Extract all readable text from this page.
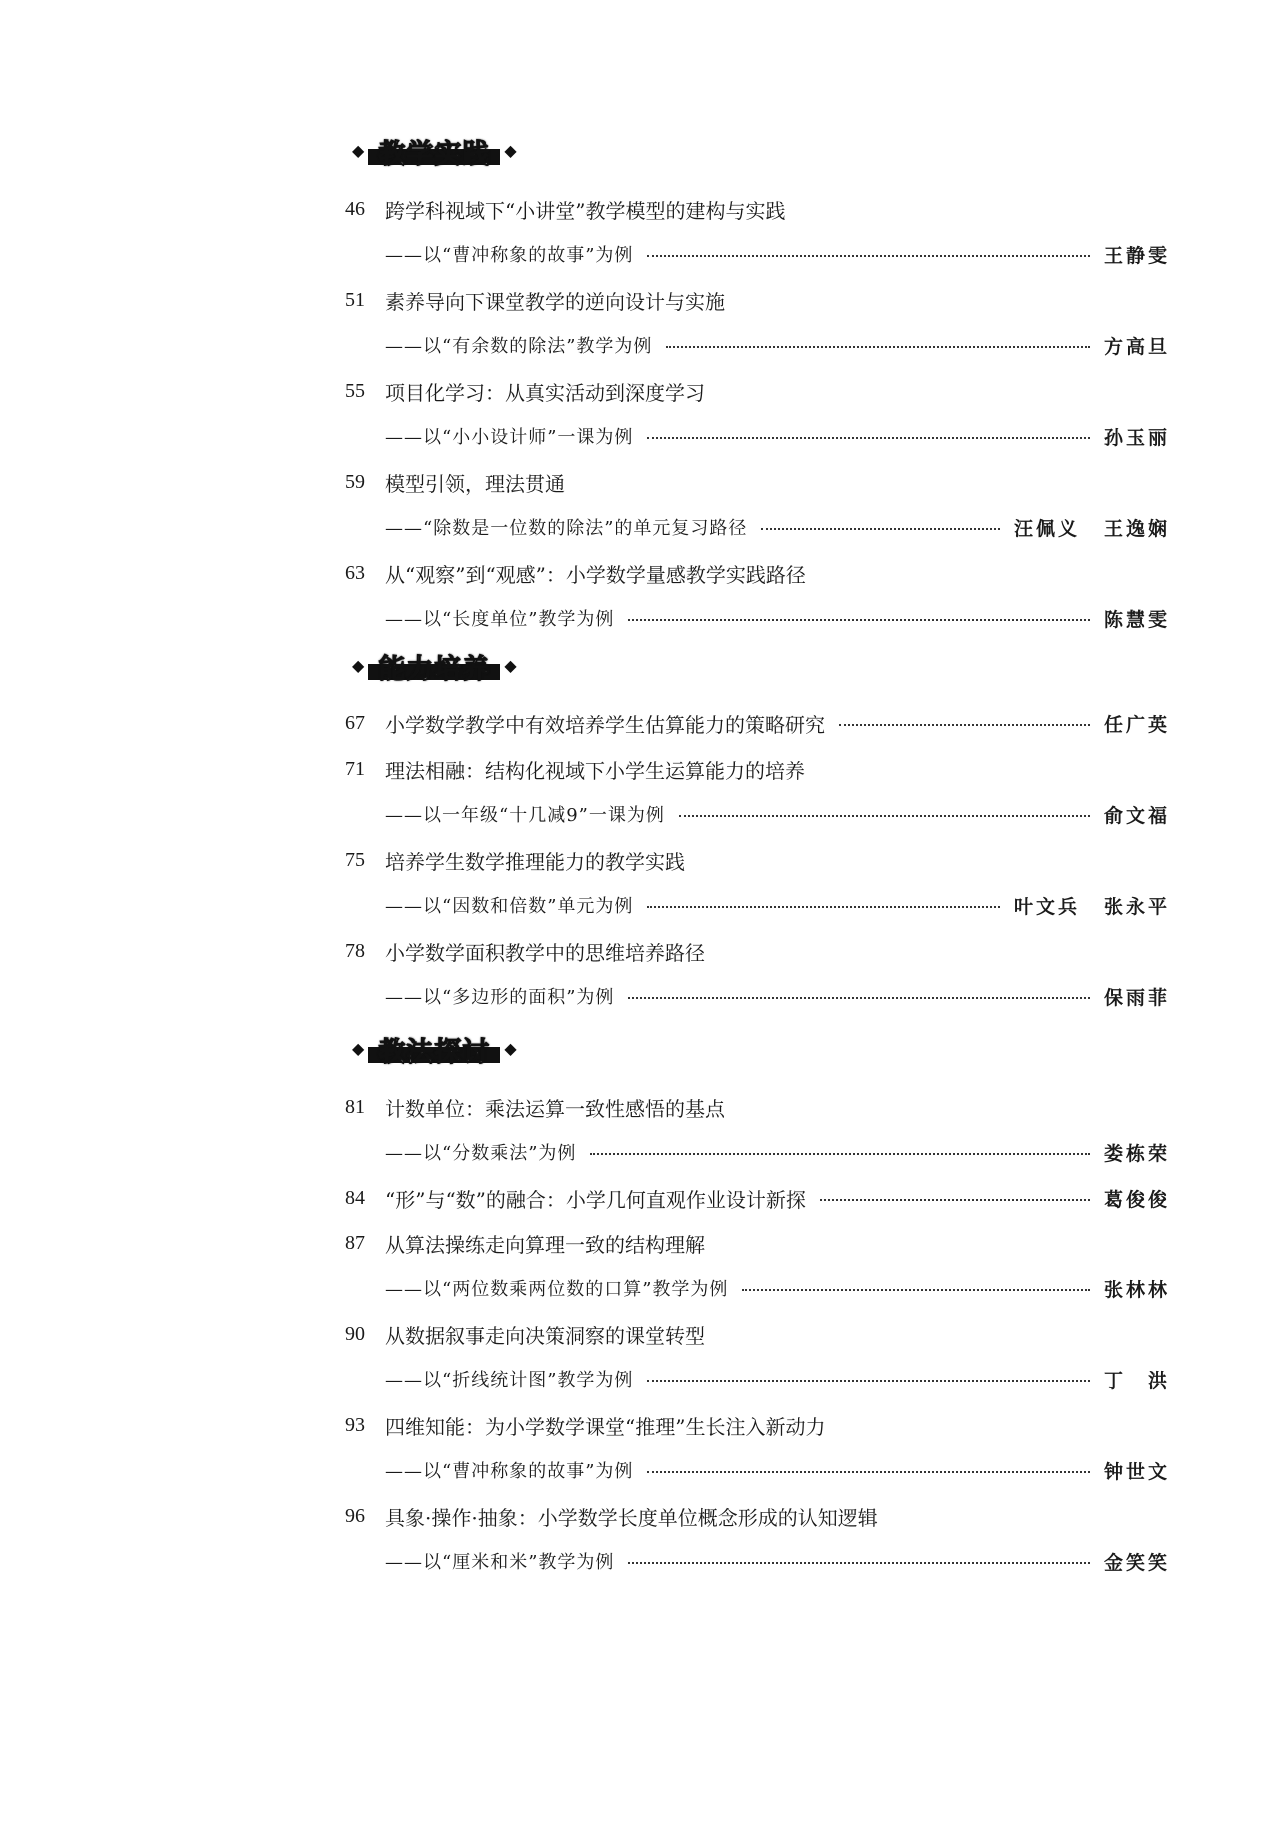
◆ 教学实践 ◆
46	跨学科视域下“小讲堂”教学模型的建构与实践
——以“曹冲称象的故事”为例	王静雯
51	素养导向下课堂教学的逆向设计与实施
——以“有余数的除法”教学为例	方高旦
55	项目化学习：从真实活动到深度学习
——以“小小设计师”一课为例	孙玉丽
59	模型引领，理法贯通
——“除数是一位数的除法”的单元复习路径	汪佩义 王逸娴
63	从“观察”到“观感”：小学数学量感教学实践路径
——以“长度单位”教学为例	陈慧雯
◆ 能力培养 ◆
67	小学数学教学中有效培养学生估算能力的策略研究	任广英
71	理法相融：结构化视域下小学生运算能力的培养
——以一年级“十几减9”一课为例	俞文福
75	培养学生数学推理能力的教学实践
——以“因数和倍数”单元为例	叶文兵 张永平
78	小学数学面积教学中的思维培养路径
——以“多边形的面积”为例	保雨菲
◆ 教法探讨 ◆
81	计数单位：乘法运算一致性感悟的基点
——以“分数乘法”为例	娄栋荣
84	“形”与“数”的融合：小学几何直观作业设计新探	葛俊俊
87	从算法操练走向算理一致的结构理解
——以“两位数乘两位数的口算”教学为例	张林林
90	从数据叙事走向决策洞察的课堂转型
——以“折线统计图”教学为例	丁　洪
93	四维知能：为小学数学课堂“推理”生长注入新动力
——以“曹冲称象的故事”为例	钟世文
96	具象·操作·抽象：小学数学长度单位概念形成的认知逻辑
——以“厘米和米”教学为例	金笑笑
